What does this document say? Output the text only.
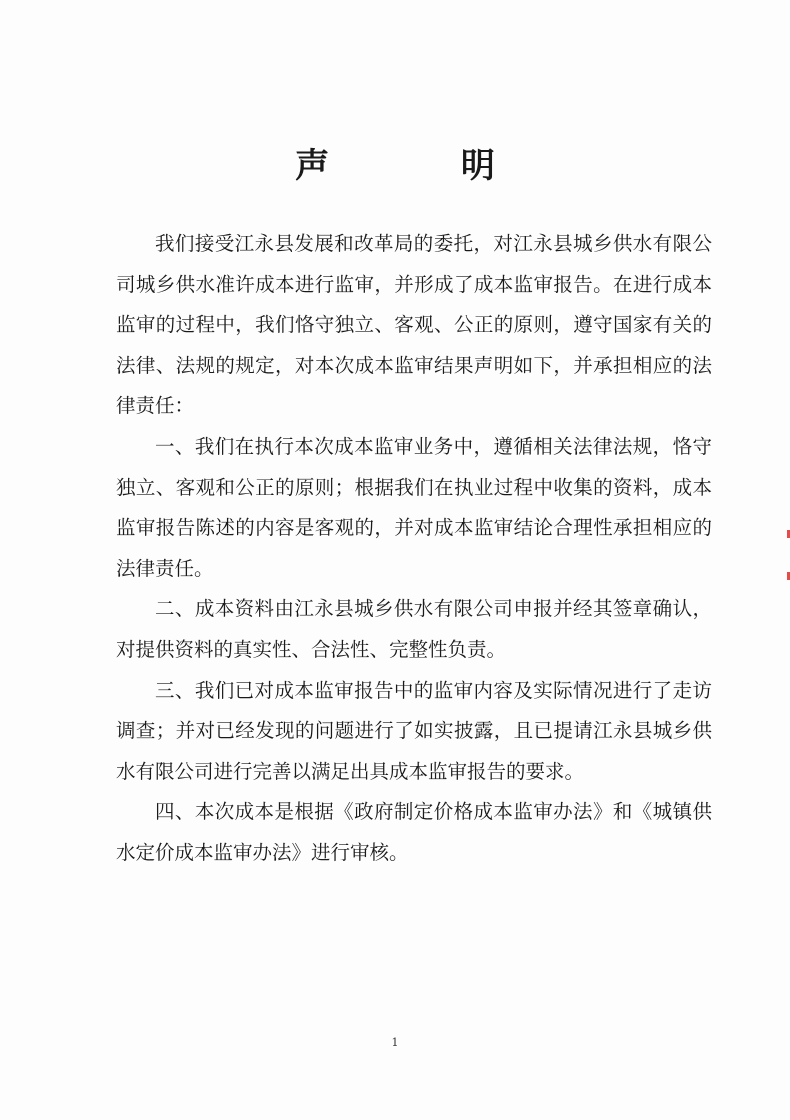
声 明

我们接受江永县发展和改革局的委托，对江永县城乡供水有限公司城乡供水准许成本进行监审，并形成了成本监审报告。在进行成本监审的过程中，我们恪守独立、客观、公正的原则，遵守国家有关的法律、法规的规定，对本次成本监审结果声明如下，并承担相应的法律责任：

一、我们在执行本次成本监审业务中，遵循相关法律法规，恪守独立、客观和公正的原则；根据我们在执业过程中收集的资料，成本监审报告陈述的内容是客观的，并对成本监审结论合理性承担相应的法律责任。

二、成本资料由江永县城乡供水有限公司申报并经其签章确认，对提供资料的真实性、合法性、完整性负责。

三、我们已对成本监审报告中的监审内容及实际情况进行了走访调查；并对已经发现的问题进行了如实披露，且已提请江永县城乡供水有限公司进行完善以满足出具成本监审报告的要求。

四、本次成本是根据《政府制定价格成本监审办法》和《城镇供水定价成本监审办法》进行审核。

1
